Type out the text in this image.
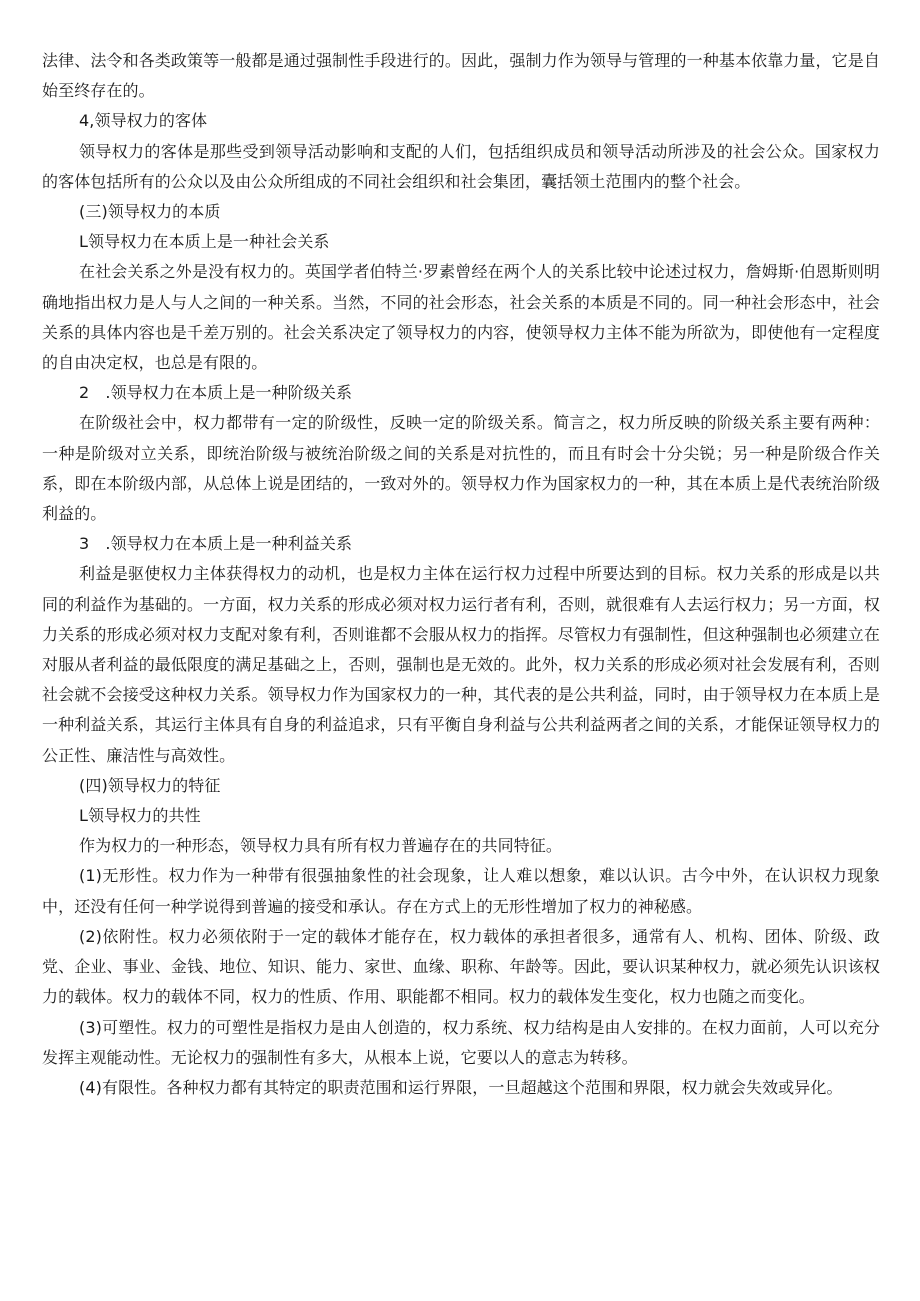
法律、法令和各类政策等一般都是通过强制性手段进行的。因此，强制力作为领导与管理的一种基本依靠力量，它是自始至终存在的。

4,领导权力的客体

领导权力的客体是那些受到领导活动影响和支配的人们，包括组织成员和领导活动所涉及的社会公众。国家权力的客体包括所有的公众以及由公众所组成的不同社会组织和社会集团，囊括领土范围内的整个社会。

(三)领导权力的本质

L领导权力在本质上是一种社会关系

在社会关系之外是没有权力的。英国学者伯特兰·罗素曾经在两个人的关系比较中论述过权力，詹姆斯·伯恩斯则明确地指出权力是人与人之间的一种关系。当然，不同的社会形态，社会关系的本质是不同的。同一种社会形态中，社会关系的具体内容也是千差万别的。社会关系决定了领导权力的内容，使领导权力主体不能为所欲为，即使他有一定程度的自由决定权，也总是有限的。

2　.领导权力在本质上是一种阶级关系

在阶级社会中，权力都带有一定的阶级性，反映一定的阶级关系。简言之，权力所反映的阶级关系主要有两种：一种是阶级对立关系，即统治阶级与被统治阶级之间的关系是对抗性的，而且有时会十分尖锐；另一种是阶级合作关系，即在本阶级内部，从总体上说是团结的，一致对外的。领导权力作为国家权力的一种，其在本质上是代表统治阶级利益的。

3　.领导权力在本质上是一种利益关系

利益是驱使权力主体获得权力的动机，也是权力主体在运行权力过程中所要达到的目标。权力关系的形成是以共同的利益作为基础的。一方面，权力关系的形成必须对权力运行者有利，否则，就很难有人去运行权力；另一方面，权力关系的形成必须对权力支配对象有利，否则谁都不会服从权力的指挥。尽管权力有强制性，但这种强制也必须建立在对服从者利益的最低限度的满足基础之上，否则，强制也是无效的。此外，权力关系的形成必须对社会发展有利，否则社会就不会接受这种权力关系。领导权力作为国家权力的一种，其代表的是公共利益，同时，由于领导权力在本质上是一种利益关系，其运行主体具有自身的利益追求，只有平衡自身利益与公共利益两者之间的关系，才能保证领导权力的公正性、廉洁性与高效性。

(四)领导权力的特征

L领导权力的共性

作为权力的一种形态，领导权力具有所有权力普遍存在的共同特征。

(1)无形性。权力作为一种带有很强抽象性的社会现象，让人难以想象，难以认识。古今中外，在认识权力现象中，还没有任何一种学说得到普遍的接受和承认。存在方式上的无形性增加了权力的神秘感。

(2)依附性。权力必须依附于一定的载体才能存在，权力载体的承担者很多，通常有人、机构、团体、阶级、政党、企业、事业、金钱、地位、知识、能力、家世、血缘、职称、年龄等。因此，要认识某种权力，就必须先认识该权力的载体。权力的载体不同，权力的性质、作用、职能都不相同。权力的载体发生变化，权力也随之而变化。

(3)可塑性。权力的可塑性是指权力是由人创造的，权力系统、权力结构是由人安排的。在权力面前，人可以充分发挥主观能动性。无论权力的强制性有多大，从根本上说，它要以人的意志为转移。

(4)有限性。各种权力都有其特定的职责范围和运行界限，一旦超越这个范围和界限，权力就会失效或异化。
